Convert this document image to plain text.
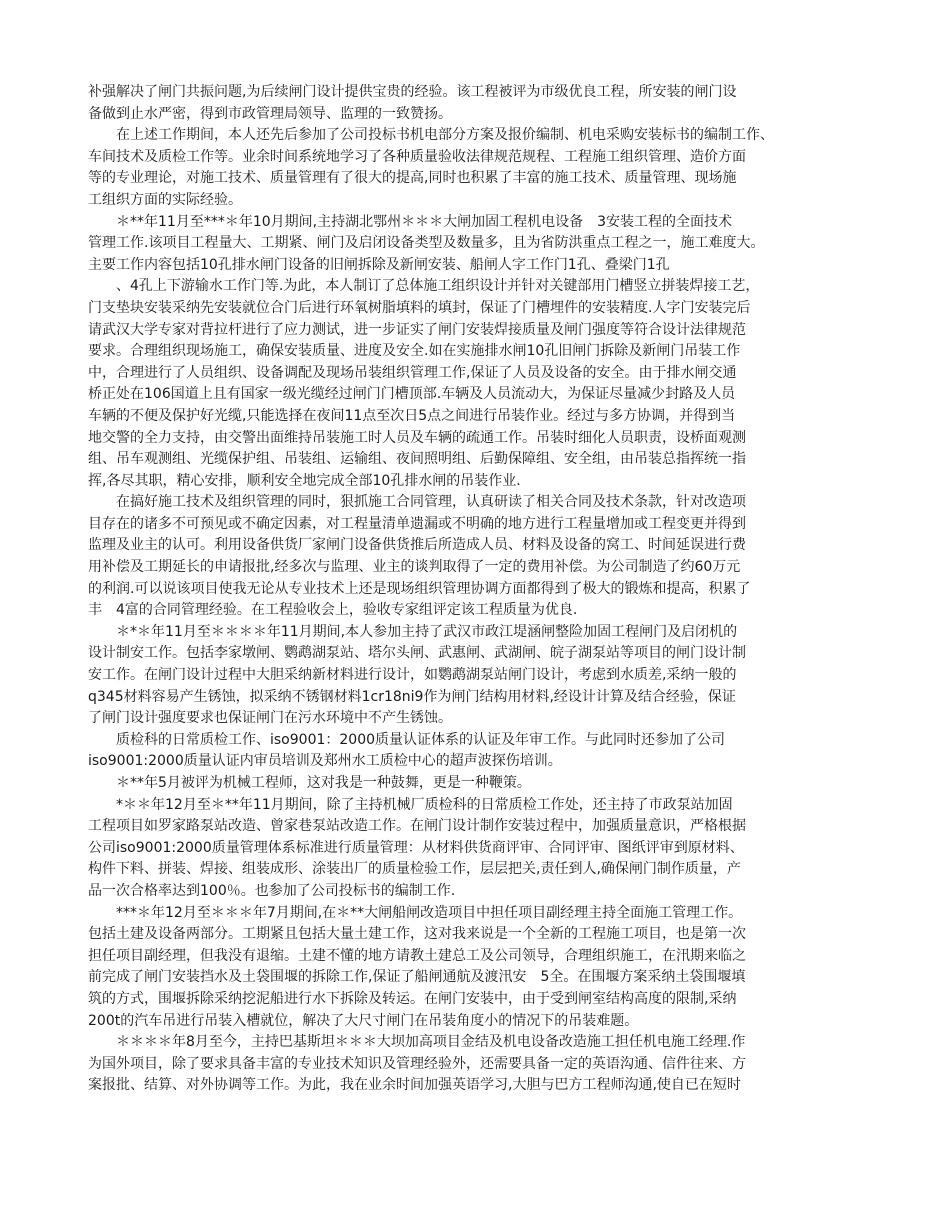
补强解决了闸门共振问题,为后续闸门设计提供宝贵的经验。该工程被评为市级优良工程，所安装的闸门设
备做到止水严密，得到市政管理局领导、监理的一致赞扬。
　　在上述工作期间，本人还先后参加了公司投标书机电部分方案及报价编制、机电采购安装标书的编制工作、
车间技术及质检工作等。业余时间系统地学习了各种质量验收法律规范规程、工程施工组织管理、造价方面
等的专业理论，对施工技术、质量管理有了很大的提高,同时也积累了丰富的施工技术、质量管理、现场施
工组织方面的实际经验。
　　＊**年11月至***＊年10月期间,主持湖北鄂州＊＊＊大闸加固工程机电设备　3安装工程的全面技术
管理工作.该项目工程量大、工期紧、闸门及启闭设备类型及数量多，且为省防洪重点工程之一，施工难度大。
主要工作内容包括10孔排水闸门设备的旧闸拆除及新闸安装、船闸人字工作门1孔、叠梁门1孔
　　、4孔上下游输水工作门等.为此，本人制订了总体施工组织设计并针对关键部用门槽竖立拼装焊接工艺，
门支垫块安装采纳先安装就位合门后进行环氧树脂填料的填封，保证了门槽埋件的安装精度.人字门安装完后
请武汉大学专家对背拉杆进行了应力测试，进一步证实了闸门安装焊接质量及闸门强度等符合设计法律规范
要求。合理组织现场施工，确保安装质量、进度及安全.如在实施排水闸10孔旧闸门拆除及新闸门吊装工作
中，合理进行了人员组织、设备调配及现场吊装组织管理工作,保证了人员及设备的安全。由于排水闸交通
桥正处在106国道上且有国家一级光缆经过闸门门槽顶部.车辆及人员流动大，为保证尽量减少封路及人员
车辆的不便及保护好光缆,只能选择在夜间11点至次日5点之间进行吊装作业。经过与多方协调，并得到当
地交警的全力支持，由交警出面维持吊装施工时人员及车辆的疏通工作。吊装时细化人员职责，设桥面观测
组、吊车观测组、光缆保护组、吊装组、运输组、夜间照明组、后勤保障组、安全组，由吊装总指挥统一指
挥,各尽其职，精心安排，顺利安全地完成全部10孔排水闸的吊装作业.
　　在搞好施工技术及组织管理的同时，狠抓施工合同管理，认真研读了相关合同及技术条款，针对改造项
目存在的诸多不可预见或不确定因素，对工程量清单遗漏或不明确的地方进行工程量增加或工程变更并得到
监理及业主的认可。利用设备供货厂家闸门设备供货推后所造成人员、材料及设备的窝工、时间延误进行费
用补偿及工期延长的申请报批,经多次与监理、业主的谈判取得了一定的费用补偿。为公司制造了约60万元
的利润.可以说该项目使我无论从专业技术上还是现场组织管理协调方面都得到了极大的锻炼和提高，积累了
丰　4富的合同管理经验。在工程验收会上，验收专家组评定该工程质量为优良.
　　＊*＊年11月至＊＊＊＊年11月期间,本人参加主持了武汉市政江堤涵闸整险加固工程闸门及启闭机的
设计制安工作。包括李家墩闸、鹦鹉湖泵站、塔尔头闸、武惠闸、武湖闸、皖子湖泵站等项目的闸门设计制
安工作。在闸门设计过程中大胆采纳新材料进行设计，如鹦鹉湖泵站闸门设计，考虑到水质差,采纳一般的
q345材料容易产生锈蚀，拟采纳不锈钢材料1cr18ni9作为闸门结构用材料,经设计计算及结合经验，保证
了闸门设计强度要求也保证闸门在污水环境中不产生锈蚀。
　　质检科的日常质检工作、iso9001：2000质量认证体系的认证及年审工作。与此同时还参加了公司
iso9001:2000质量认证内审员培训及郑州水工质检中心的超声波探伤培训。
　　＊**年5月被评为机械工程师，这对我是一种鼓舞，更是一种鞭策。
　　*＊＊年12月至＊**年11月期间，除了主持机械厂质检科的日常质检工作处，还主持了市政泵站加固
工程项目如罗家路泵站改造、曾家巷泵站改造工作。在闸门设计制作安装过程中，加强质量意识，严格根据
公司iso9001:2000质量管理体系标准进行质量管理：从材料供货商评审、合同评审、图纸评审到原材料、
构件下料、拼装、焊接、组装成形、涂装出厂的质量检验工作，层层把关,责任到人,确保闸门制作质量，产
品一次合格率达到100％。也参加了公司投标书的编制工作.
　　***＊年12月至＊＊＊年7月期间,在＊**大闸船闸改造项目中担任项目副经理主持全面施工管理工作。
包括土建及设备两部分。工期紧且包括大量土建工作，这对我来说是一个全新的工程施工项目，也是第一次
担任项目副经理，但我没有退缩。土建不懂的地方请教土建总工及公司领导，合理组织施工，在汛期来临之
前完成了闸门安装挡水及土袋围堰的拆除工作,保证了船闸通航及渡汛安　5全。在围堰方案采纳土袋围堰填
筑的方式，围堰拆除采纳挖泥船进行水下拆除及转运。在闸门安装中，由于受到闸室结构高度的限制,采纳
200t的汽车吊进行吊装入槽就位，解决了大尺寸闸门在吊装角度小的情况下的吊装难题。
　　＊＊＊＊年8月至今，主持巴基斯坦＊＊＊大坝加高项目金结及机电设备改造施工担任机电施工经理.作
为国外项目，除了要求具备丰富的专业技术知识及管理经验外，还需要具备一定的英语沟通、信件往来、方
案报批、结算、对外协调等工作。为此，我在业余时间加强英语学习,大胆与巴方工程师沟通,使自已在短时
